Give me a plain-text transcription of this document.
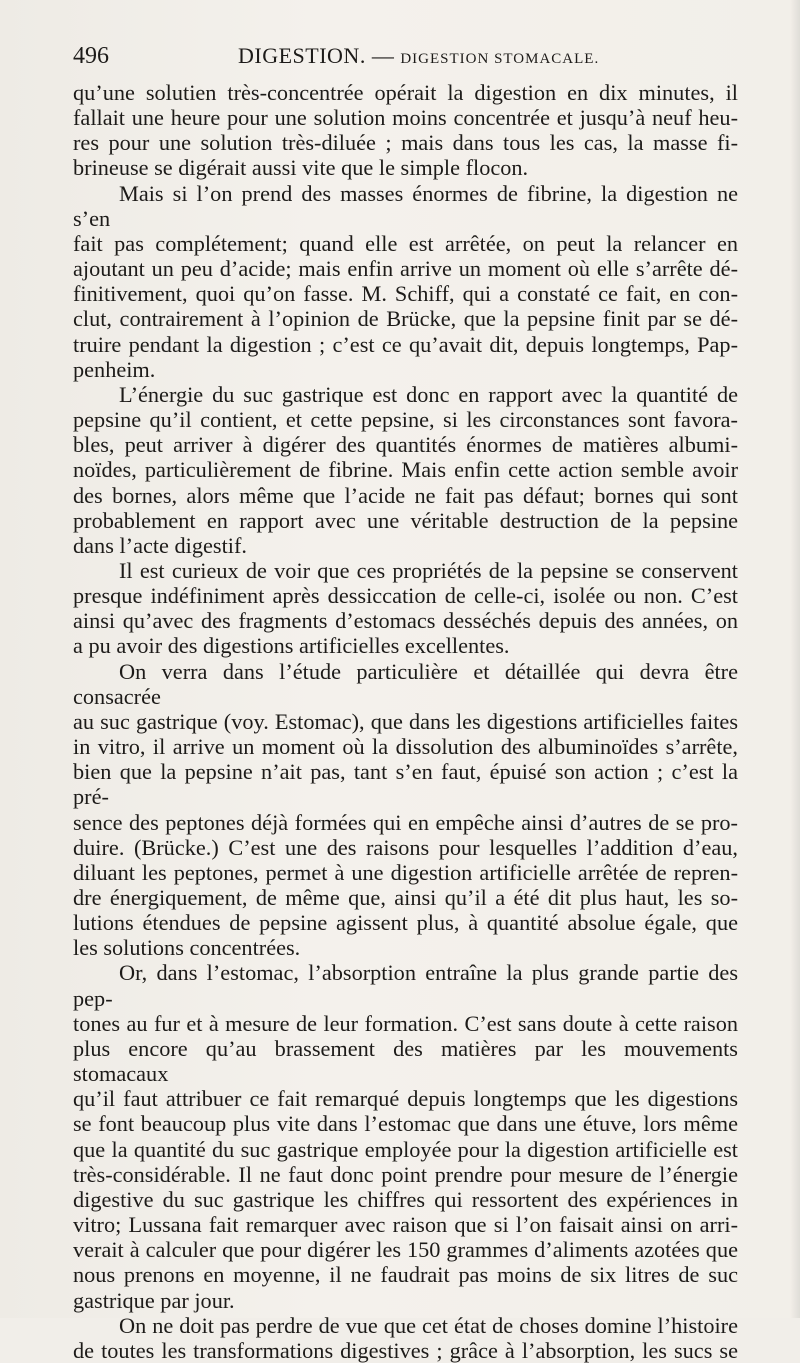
496	DIGESTION. — DIGESTION STOMACALE.

qu’une solutien très-concentrée opérait la digestion en dix minutes, il

fallait une heure pour une solution moins concentrée et jusqu’à neuf heu-

res pour une solution très-diluée ; mais dans tous les cas, la masse fi-

brineuse se digérait aussi vite que le simple flocon.

Mais si l’on prend des masses énormes de fibrine, la digestion ne s’en

fait pas complétement; quand elle est arrêtée, on peut la relancer en

ajoutant un peu d’acide; mais enfin arrive un moment où elle s’arrête dé-

finitivement, quoi qu’on fasse. M. Schiff, qui a constaté ce fait, en con-

clut, contrairement à l’opinion de Brücke, que la pepsine finit par se dé-

truire pendant la digestion ; c’est ce qu’avait dit, depuis longtemps, Pap-

penheim.

L’énergie du suc gastrique est donc en rapport avec la quantité de

pepsine qu’il contient, et cette pepsine, si les circonstances sont favora-

bles, peut arriver à digérer des quantités énormes de matières albumi-

noïdes, particulièrement de fibrine. Mais enfin cette action semble avoir

des bornes, alors même que l’acide ne fait pas défaut; bornes qui sont

probablement en rapport avec une véritable destruction de la pepsine

dans l’acte digestif.

Il est curieux de voir que ces propriétés de la pepsine se conservent

presque indéfiniment après dessiccation de celle-ci, isolée ou non. C’est

ainsi qu’avec des fragments d’estomacs desséchés depuis des années, on

a pu avoir des digestions artificielles excellentes.

On verra dans l’étude particulière et détaillée qui devra être consacrée

au suc gastrique (voy. Estomac), que dans les digestions artificielles faites

in vitro, il arrive un moment où la dissolution des albuminoïdes s’arrête,

bien que la pepsine n’ait pas, tant s’en faut, épuisé son action ; c’est la pré-

sence des peptones déjà formées qui en empêche ainsi d’autres de se pro-

duire. (Brücke.) C’est une des raisons pour lesquelles l’addition d’eau,

diluant les peptones, permet à une digestion artificielle arrêtée de repren-

dre énergiquement, de même que, ainsi qu’il a été dit plus haut, les so-

lutions étendues de pepsine agissent plus, à quantité absolue égale, que

les solutions concentrées.

Or, dans l’estomac, l’absorption entraîne la plus grande partie des pep-

tones au fur et à mesure de leur formation. C’est sans doute à cette raison

plus encore qu’au brassement des matières par les mouvements stomacaux

qu’il faut attribuer ce fait remarqué depuis longtemps que les digestions

se font beaucoup plus vite dans l’estomac que dans une étuve, lors même

que la quantité du suc gastrique employée pour la digestion artificielle est

très-considérable. Il ne faut donc point prendre pour mesure de l’énergie

digestive du suc gastrique les chiffres qui ressortent des expériences in

vitro; Lussana fait remarquer avec raison que si l’on faisait ainsi on arri-

verait à calculer que pour digérer les 150 grammes d’aliments azotées que

nous prenons en moyenne, il ne faudrait pas moins de six litres de suc

gastrique par jour.

On ne doit pas perdre de vue que cet état de choses domine l’histoire

de toutes les transformations digestives ; grâce à l’absorption, les sucs se
